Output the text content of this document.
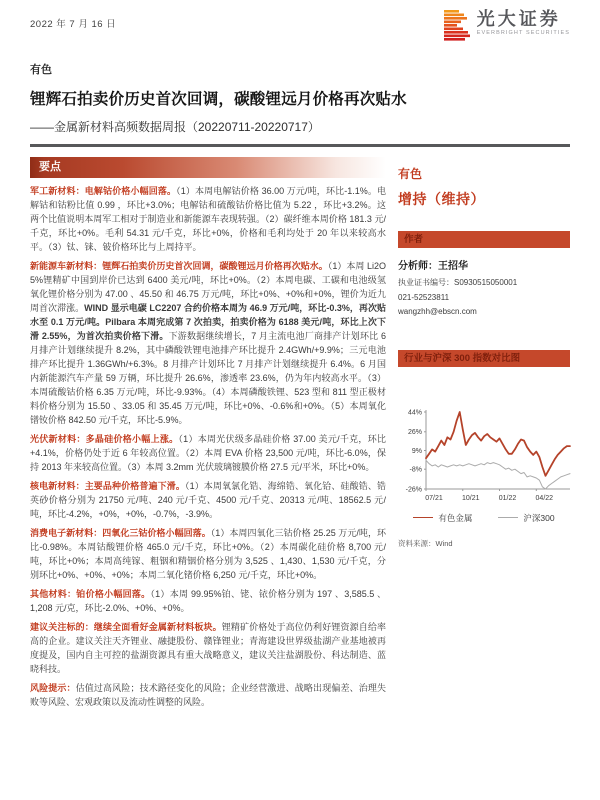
2022 年 7 月 16 日	光大证券
EVERBRIGHT SECURITIES
有色
锂辉石拍卖价历史首次回调，碳酸锂远月价格再次贴水
——金属新材料高频数据周报（20220711-20220717）
要点

军工新材料：电解钴价格小幅回落。（1）本周电解钴价格 36.00 万元/吨，环比-1.1%。电解钴和钴粉比值 0.99 ，环比+3.0%；电解钴和硫酸钴价格比值为 5.22 ，环比+3.2%。这两个比值说明本周军工相对于制造业和新能源车表现转强。（2）碳纤维本周价格 181.3 元/千克，环比+0%。毛利 54.31 元/千克，环比+0%，价格和毛利均处于 20 年以来较高水平。（3）钛、铼、铍价格环比与上周持平。

新能源车新材料：锂辉石拍卖价历史首次回调，碳酸锂远月价格再次贴水。（1）本周 Li2O 5%锂精矿中国到岸价已达到 6400 美元/吨，环比+0%。（2）本周电碳、工碳和电池级氢氧化锂价格分别为 47.00 、45.50 和 46.75 万元/吨，环比+0%、+0%和+0%，锂价为近九周首次滞涨。WIND 显示电碳 LC2207 合约价格本周为 46.9 万元/吨，环比-0.3%，再次贴水至 0.1 万元/吨。Pilbara 本周完成第 7 次拍卖，拍卖价格为 6188 美元/吨，环比上次下滑 2.55%，为首次拍卖价格下滑。下游数据继续增长，7 月主流电池厂商排产计划环比 6 月排产计划继续提升 8.2%，其中磷酸铁锂电池排产环比提升 2.4GWh/+9.9%；三元电池排产环比提升 1.36GWh/+6.3%。8 月排产计划环比 7 月排产计划继续提升 6.4%。6 月国内新能源汽车产量 59 万辆，环比提升 26.6%，渗透率 23.6%，仍为年内较高水平。（3）本周硫酸钴价格 6.35 万元/吨，环比-9.93%。（4）本周磷酸铁锂、523 型和 811 型正极材料价格分别为 15.50 、33.05 和 35.45 万元/吨，环比+0%、-0.6%和+0%。（5）本周氧化镨钕价格 842.50 元/千克，环比-5.9%。

光伏新材料：多晶硅价格小幅上涨。（1）本周光伏级多晶硅价格 37.00 美元/千克，环比+4.1%，价格仍处于近 6 年较高位置。（2）本周 EVA 价格 23,500 元/吨，环比-6.0%，保持 2013 年来较高位置。（3）本周 3.2mm 光伏玻璃镀膜价格 27.5 元/平米，环比+0%。

核电新材料：主要品种价格普遍下滑。（1）本周氧氯化锆、海绵锆、氧化铪、硅酸锆、锆英砂价格分别为 21750 元/吨、240 元/千克、4500 元/千克、20313 元/吨、18562.5 元/吨，环比-4.2%，+0%，+0%，-0.7%，-3.9%。

消费电子新材料：四氧化三钴价格小幅回落。（1）本周四氧化三钴价格 25.25 万元/吨，环比-0.98%。本周钴酸锂价格 465.0 元/千克，环比+0%。（2）本周碳化硅价格 8,700 元/吨，环比+0%；本周高纯镓、粗铟和精铟价格分别为 3,525 、1,430、1,530 元/千克，分别环比+0%、+0%、+0%；本周二氧化锗价格 6,250 元/千克，环比+0%。

其他材料：铂价格小幅回落。（1）本周 99.95%铂、铑、铱价格分别为 197 、3,585.5 、1,208 元/克，环比-2.0%、+0%、+0%。

建议关注标的：继续全面看好金属新材料板块。锂精矿价格处于高位仍利好锂资源自给率高的企业。建议关注天齐锂业、融捷股份、赣锋锂业；青海建设世界级盐湖产业基地被再度提及，国内自主可控的盐湖资源具有重大战略意义，建议关注盐湖股份、科达制造、蓝晓科技。

风险提示：估值过高风险；技术路径变化的风险；企业经营激进、战略出现偏差、治理失败等风险、宏观政策以及流动性调整的风险。

有色
增持（维持）
作者
分析师：王招华
执业证书编号：S0930515050001
021-52523811
wangzhh@ebscn.com
行业与沪深 300 指数对比图
44%
26%
9%
-8%
-26%
07/21	10/21	01/22	04/22
有色金属	沪深300
资料来源：Wind
